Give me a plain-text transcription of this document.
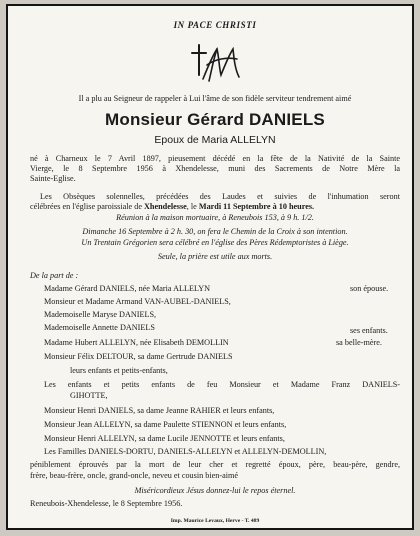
IN PACE CHRISTI
Il a plu au Seigneur de rappeler à Lui l'âme de son fidèle serviteur tendrement aimé
Monsieur Gérard DANIELS
Epoux de Maria ALLELYN
né à Charneux le 7 Avril 1897, pieusement décédé en la fête de la Nativité de la Sainte
Vierge, le 8 Septembre 1956 à Xhendelesse, muni des Sacrements de Notre Mère la
Sainte-Eglise.
Les Obsèques solennelles, précédées des Laudes et suivies de l'inhumation seront
célébrées en l'église paroissiale de Xhendelesse, le Mardi 11 Septembre à 10 heures.
Réunion à la maison mortuaire, à Reneubois 153, à 9 h. 1/2.
Dimanche 16 Septembre à 2 h. 30, on fera le Chemin de la Croix à son intention.
Un Trentain Grégorien sera célébré en l'église des Pères Rédemptoristes à Liège.
Seule, la prière est utile aux morts.
De la part de :
Madame Gérard DANIELS, née Maria ALLELYN	son épouse.
Monsieur et Madame Armand VAN-AUBEL-DANIELS,
Mademoiselle Maryse DANIELS,
Mademoiselle Annette DANIELS	ses enfants.
Madame Hubert ALLELYN, née Elisabeth DEMOLLIN	sa belle-mère.
Monsieur Félix DELTOUR, sa dame Gertrude DANIELS
leurs enfants et petits-enfants,
Les enfants et petits enfants de feu Monsieur et Madame Franz DANIELS-
GIHOTTE,
Monsieur Henri DANIELS, sa dame Jeanne RAHIER et leurs enfants,
Monsieur Jean ALLELYN, sa dame Paulette STIENNON et leurs enfants,
Monsieur Henri ALLELYN, sa dame Lucile JENNOTTE et leurs enfants,
Les Familles DANIELS-DORTU, DANIELS-ALLELYN et ALLELYN-DEMOLLIN,
péniblement éprouvés par la mort de leur cher et regretté époux, père, beau-père, gendre,
frère, beau-frère, oncle, grand-oncle, neveu et cousin bien-aimé
Miséricordieux Jésus donnez-lui le repos éternel.
Reneubois-Xhendelesse, le 8 Septembre 1956.
Imp. Maurice Levaux, Herve - T. 489
